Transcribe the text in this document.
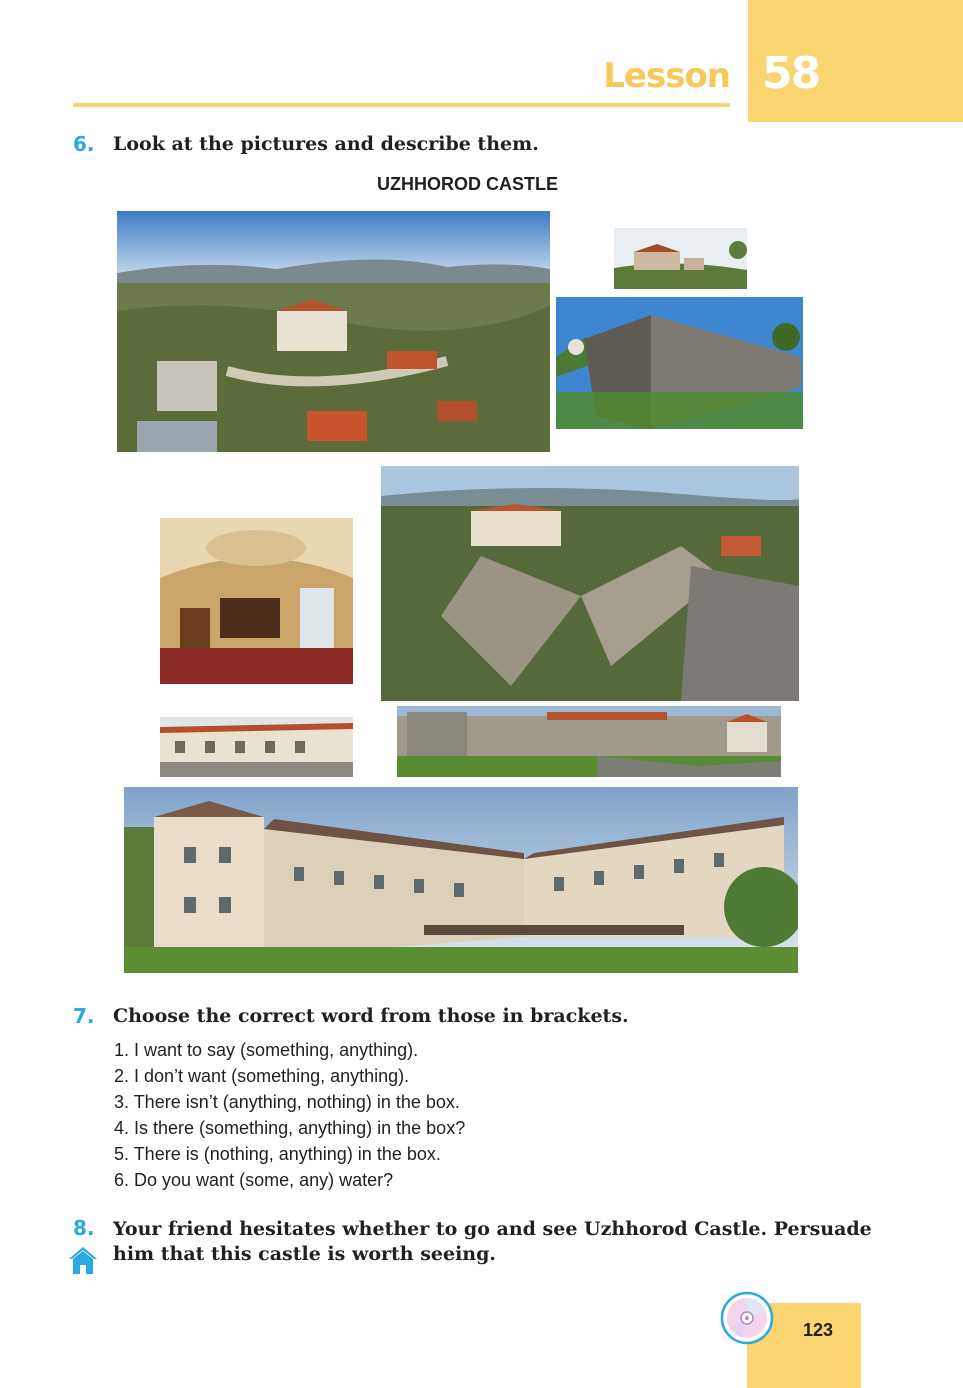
Lesson 58
6. Look at the pictures and describe them.
UZHHOROD CASTLE
7. Choose the correct word from those in brackets.
1. I want to say (something, anything).
2. I don’t want (something, anything).
3. There isn’t (anything, nothing) in the box.
4. Is there (something, anything) in the box?
5. There is (nothing, anything) in the box.
6. Do you want (some, any) water?
8. Your friend hesitates whether to go and see Uzhhorod Castle. Persuade him that this castle is worth seeing.
123
